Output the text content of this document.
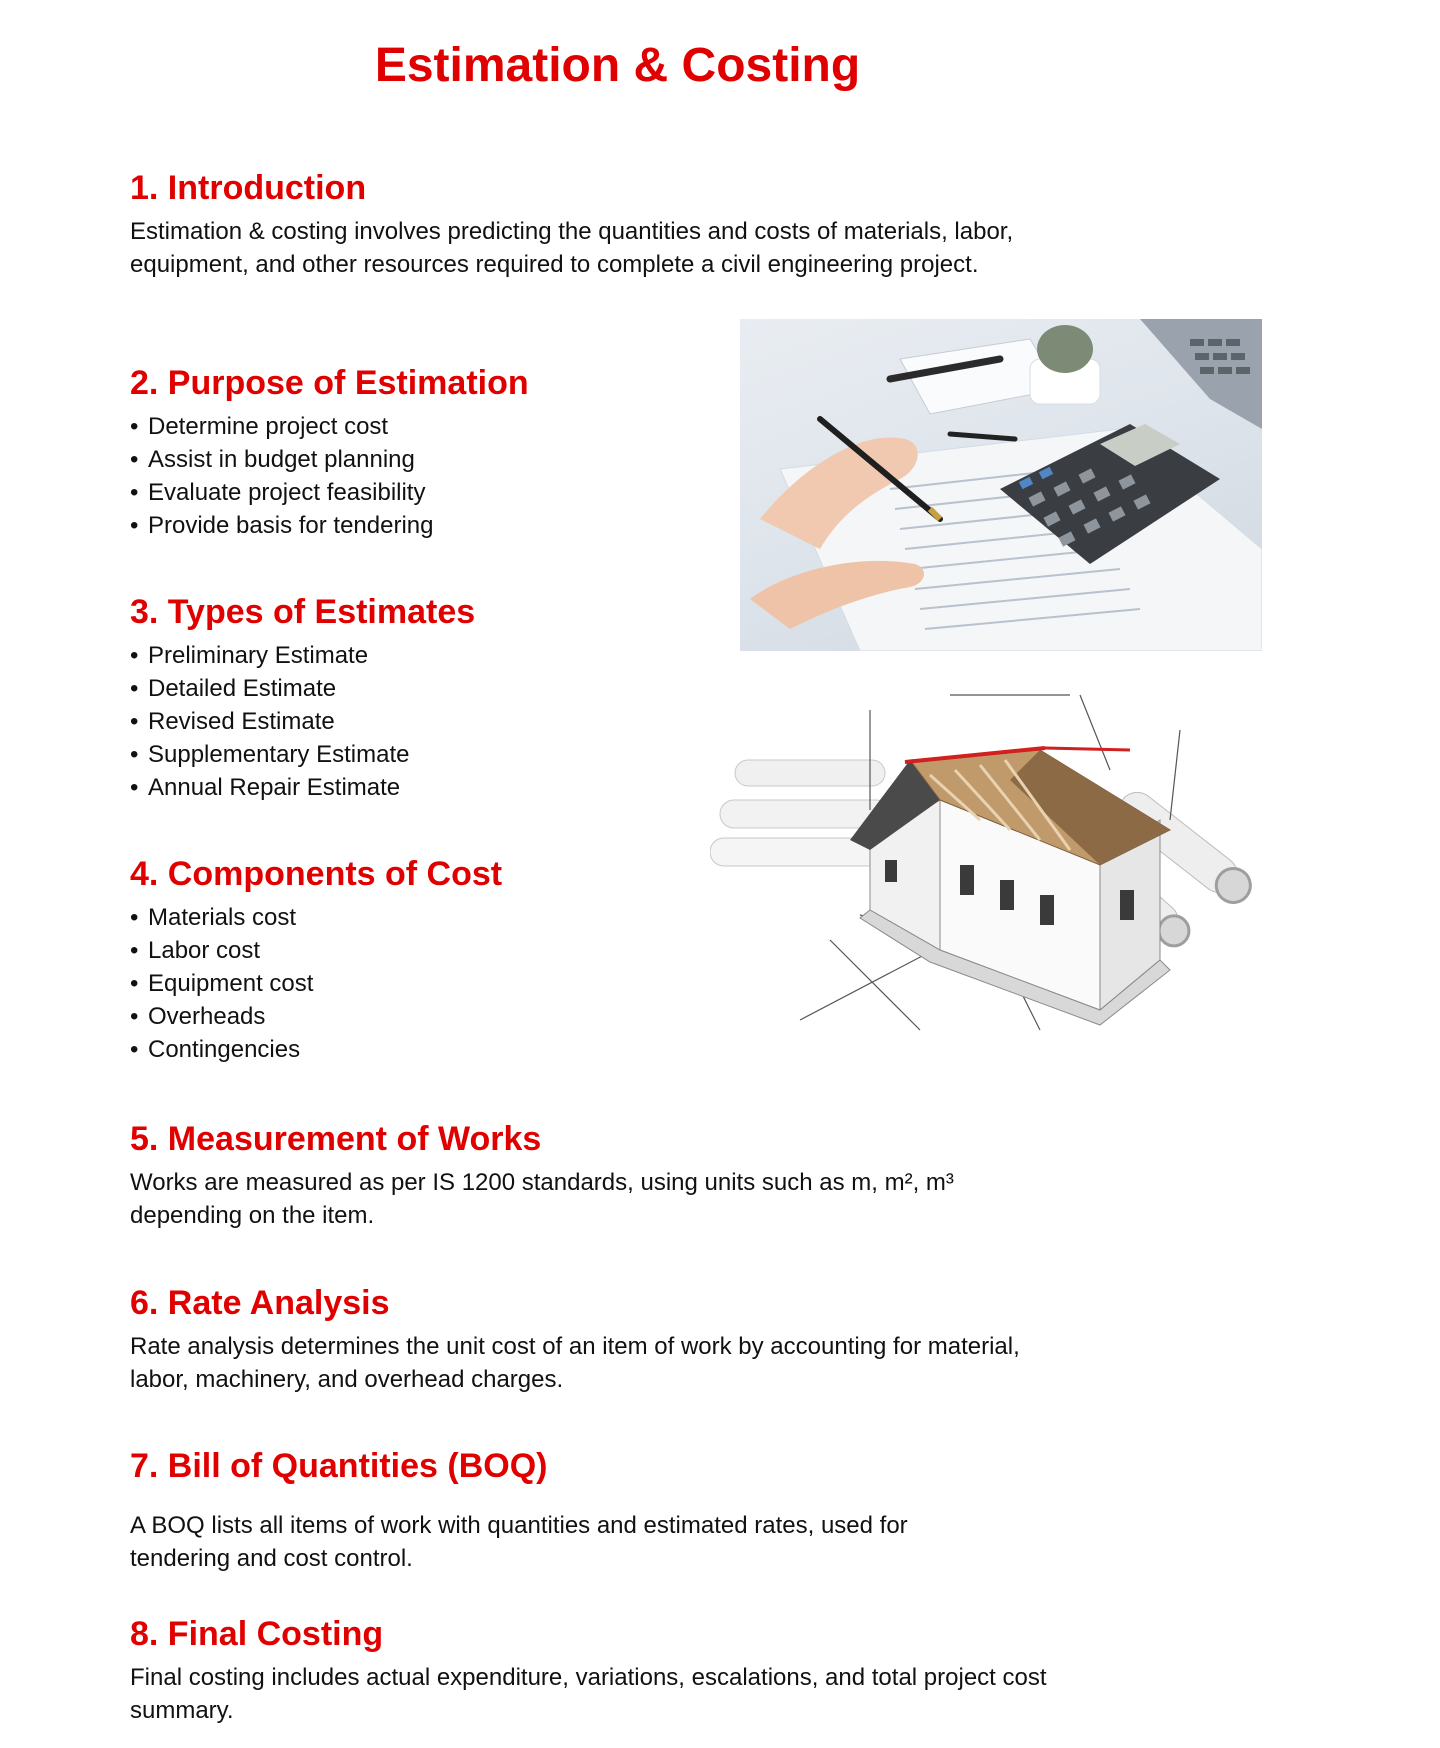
Estimation & Costing
1. Introduction

Estimation & costing involves predicting the quantities and costs of materials, labor, equipment, and other resources required to complete a civil engineering project.

2. Purpose of Estimation
• Determine project cost
• Assist in budget planning
• Evaluate project feasibility
• Provide basis for tendering
3. Types of Estimates
• Preliminary Estimate
• Detailed Estimate
• Revised Estimate
• Supplementary Estimate
• Annual Repair Estimate
4. Components of Cost
• Materials cost
• Labor cost
• Equipment cost
• Overheads
• Contingencies
5. Measurement of Works

Works are measured as per IS 1200 standards, using units such as m, m², m³ depending on the item.

6. Rate Analysis

Rate analysis determines the unit cost of an item of work by accounting for material, labor, machinery, and overhead charges.

7. Bill of Quantities (BOQ)

A BOQ lists all items of work with quantities and estimated rates, used for tendering and cost control.

8. Final Costing

Final costing includes actual expenditure, variations, escalations, and total project cost summary.
